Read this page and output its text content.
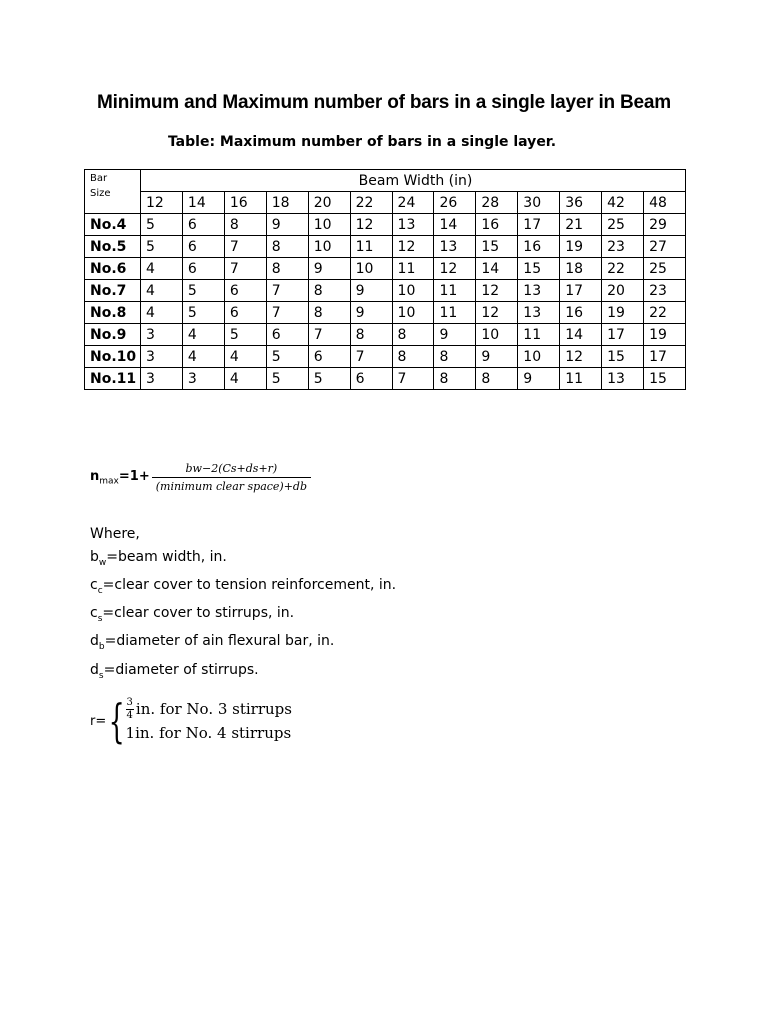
Minimum and Maximum number of bars in a single layer in Beam
Table: Maximum number of bars in a single layer.
Bar
Size	Beam Width (in)												
	12	14	16	18	20	22	24	26	28	30	36	42	48
No.4	5	6	8	9	10	12	13	14	16	17	21	25	29
No.5	5	6	7	8	10	11	12	13	15	16	19	23	27
No.6	4	6	7	8	9	10	11	12	14	15	18	22	25
No.7	4	5	6	7	8	9	10	11	12	13	17	20	23
No.8	4	5	6	7	8	9	10	11	12	13	16	19	22
No.9	3	4	5	6	7	8	8	9	10	11	14	17	19
No.10	3	4	4	5	6	7	8	8	9	10	12	15	17
No.11	3	3	4	5	5	6	7	8	8	9	11	13	15
$n_{max}=1+ \frac{bw-2(Cs+ds+r)}{\text{(minimum clear space)+db}}$
Where,
$b_w=beam$ width, in.
$c_c=clear$ cover to tension reinforcement, in.
$c_s=clear$ cover to stirrups, in.
$d_b=diameter$ of ain flexural bar, in.
$d_s=diameter$ of stirrups.
r= { $\frac{3}{4}$ in. for No. 3 stirrups
1in. for No. 4 stirrups
